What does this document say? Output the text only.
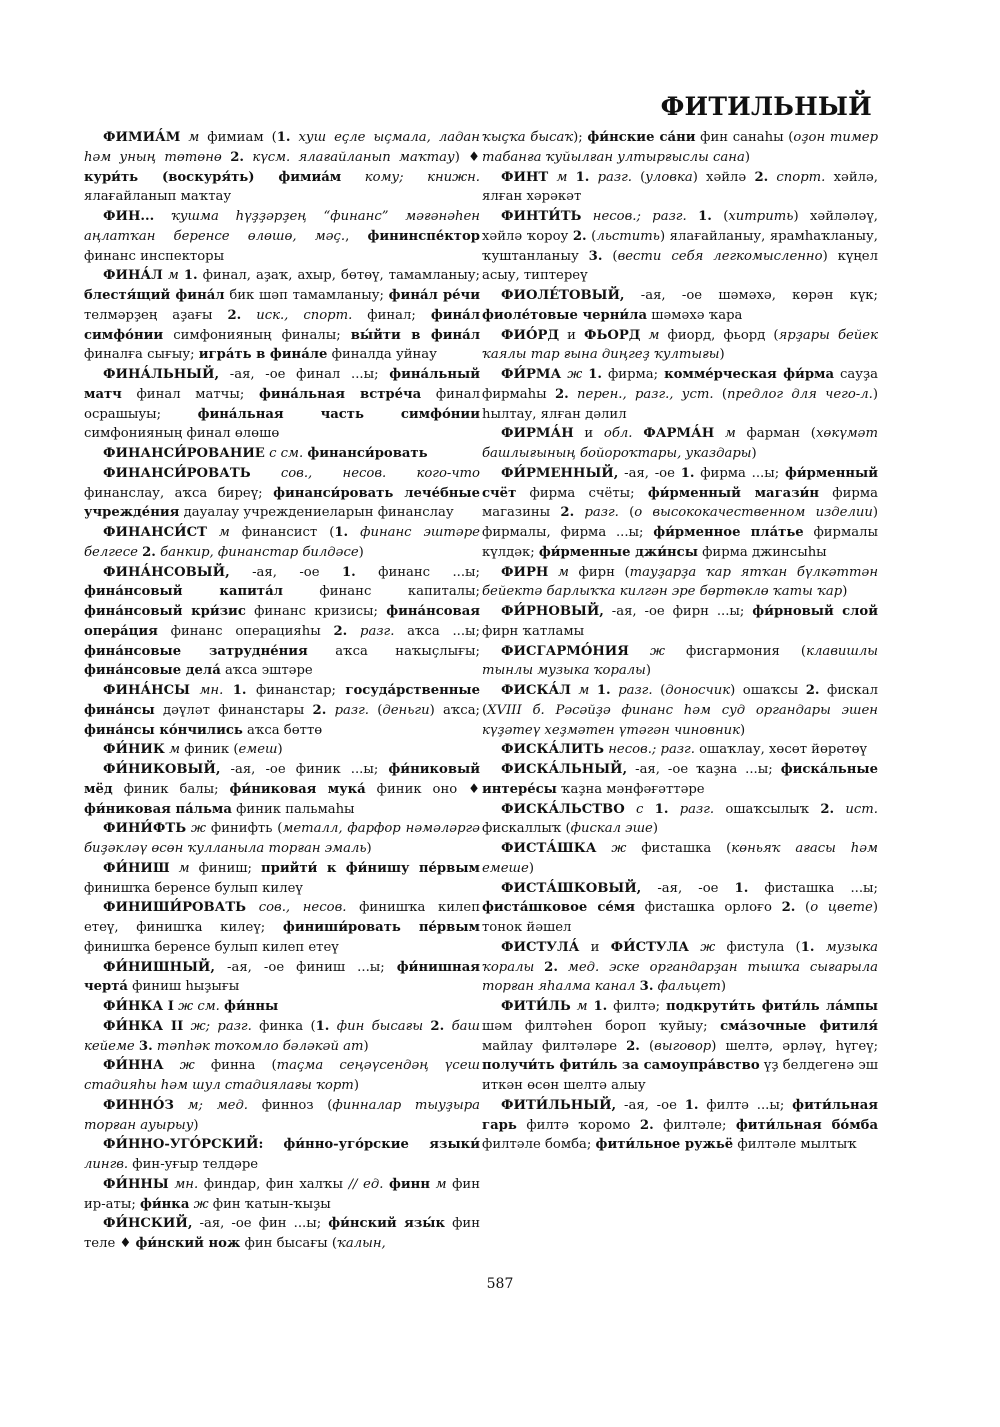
ФИТИЛЬНЫЙ

ФИМИА́М м фимиам (1. хуш еҫле ыҫмала, ладан һәм уның төтөнө 2. күсм. ялағайланып маҡтау) ♦ кури́ть (воскуря́ть) фимиа́м кому; книжн. ялағайланып маҡтау

ФИН... ҡушма һүҙҙәрҙең “финанс” мәғәнәһен аңлатҡан беренсе өлөшө, мәҫ., фининспе́ктор финанс инспекторы

ФИНА́Л м 1. финал, аҙаҡ, ахыр, бөтөү, тамамланыу; блестя́щий фина́л бик шәп тамамланыу; фина́л ре́чи телмәрҙең аҙағы 2. иск., спорт. финал; фина́л симфо́нии симфонияның финалы; вы́йти в фина́л финалға сығыу; игра́ть в фина́ле финалда уйнау

ФИНА́ЛЬНЫЙ, -ая, -ое финал ...ы; фина́льный матч финал матчы; фина́льная встре́ча финал осрашыуы; фина́льная часть симфо́нии симфонияның финал өлөшө

ФИНАНСИ́РОВАНИЕ с см. финанси́ровать

ФИНАНСИ́РОВАТЬ сов., несов. кого-что финанслау, аҡса биреү; финанси́ровать лече́бные учрежде́ния дауалау учреждениеларын финанслау

ФИНАНСИ́СТ м финансист (1. финанс эштәре белгесе 2. банкир, финанстар билдәсе)

ФИНА́НСОВЫЙ, -ая, -ое 1. финанс ...ы; фина́нсовый капита́л финанс капиталы; фина́нсовый кри́зис финанс кризисы; фина́нсовая опера́ция финанс операцияһы 2. разг. аҡса ...ы; фина́нсовые затрудне́ния аҡса наҡыҫлығы; фина́нсовые дела́ аҡса эштәре

ФИНА́НСЫ мн. 1. финанстар; госуда́рственные фина́нсы дәүләт финанстары 2. разг. (деньги) аҡса; фина́нсы ко́нчились аҡса бөттө

ФИ́НИК м финик (емеш)

ФИ́НИКОВЫЙ, -ая, -ое финик ...ы; фи́никовый мёд финик балы; фи́никовая мука́ финик оно ♦ фи́никовая па́льма финик пальмаһы

ФИНИ́ФТЬ ж финифть (металл, фарфор нәмәләргә биҙәкләү өсөн ҡулланыла торған эмаль)

ФИ́НИШ м финиш; прийти́ к фи́нишу пе́рвым финишҡа беренсе булып килеү

ФИНИШИ́РОВАТЬ сов., несов. финишҡа килеп етеү, финишҡа килеү; финиши́ровать пе́рвым финишҡа беренсе булып килеп етеү

ФИ́НИШНЫЙ, -ая, -ое финиш ...ы; фи́нишная черта́ финиш һыҙығы

ФИ́НКА I ж см. фи́нны

ФИ́НКА II ж; разг. финка (1. фин бысағы 2. баш кейеме 3. тәпһәк тоҡомло бәләкәй ат)

ФИ́ННА ж финна (таҫма сеңәүсендәң үсеш стадияһы һәм шул стадиялағы ҡорт)

ФИННО́З м; мед. финноз (финналар тыуҙыра торған ауырыу)

ФИ́ННО-УГО́РСКИЙ: фи́нно-уго́рские языки́ лингв. фин-уғыр телдәре

ФИ́ННЫ мн. финдар, фин халҡы // ед. финн м фин ир-аты; фи́нка ж фин ҡатын-ҡыҙы

ФИ́НСКИЙ, -ая, -ое фин ...ы; фи́нский язы́к фин теле ♦ фи́нский нож фин бысағы (ҡалын,

ҡыҫҡа бысаҡ); фи́нские са́ни фин санаһы (оҙон тимер табанға ҡуйылған ултырғыслы сана)

ФИНТ м 1. разг. (уловка) хәйлә 2. спорт. хәйлә, ялған хәрәкәт

ФИНТИ́ТЬ несов.; разг. 1. (хитрить) хәйләләү, хәйлә ҡороу 2. (льстить) ялағайланыу, ярамһаҡланыу, ҡуштанланыу 3. (вести себя легкомысленно) күңел асыу, типтереү

ФИОЛЕ́ТОВЫЙ, -ая, -ое шәмәхә, көрән күк; фиоле́товые черни́ла шәмәхә ҡара

ФИО́РД и ФЬОРД м фиорд, фьорд (ярҙары бейек ҡаялы тар ғына диңгеҙ ҡултығы)

ФИ́РМА ж 1. фирма; комме́рческая фи́рма сауҙа фирмаһы 2. перен., разг., уст. (предлог для чего-л.) һылтау, ялған дәлил

ФИРМА́Н и обл. ФАРМА́Н м фарман (хөкүмәт башлығының бойороҡтары, указдары)

ФИ́РМЕННЫЙ, -ая, -ое 1. фирма ...ы; фи́рменный счёт фирма счёты; фи́рменный магази́н фирма магазины 2. разг. (о высококачественном изделии) фирмалы, фирма ...ы; фи́рменное пла́тье фирмалы күлдәк; фи́рменные джи́нсы фирма джинсыһы

ФИРН м фирн (тауҙарҙа ҡар ятҡан бүлкәттән бейектә барлыҡҡа килгән эре бөртөклө ҡаты ҡар)

ФИ́РНОВЫЙ, -ая, -ое фирн ...ы; фи́рновый слой фирн ҡатламы

ФИСГАРМО́НИЯ ж фисгармония (клавишлы тынлы музыка ҡоралы)

ФИСКА́Л м 1. разг. (доносчик) ошаҡсы 2. фискал (XVIII б. Рәсәйҙә финанс һәм суд органдары эшен күҙәтеү хеҙмәтен үтәгән чиновник)

ФИСКА́ЛИТЬ несов.; разг. ошаҡлау, хөсөт йөрөтөү

ФИСКА́ЛЬНЫЙ, -ая, -ое ҡаҙна ...ы; фиска́льные интере́сы ҡаҙна мәнфәғәттәре

ФИСКА́ЛЬСТВО с 1. разг. ошаҡсылыҡ 2. ист. фискаллыҡ (фискал эше)

ФИСТА́ШКА ж фисташка (көньяҡ ағасы һәм емеше)

ФИСТА́ШКОВЫЙ, -ая, -ое 1. фисташка ...ы; фиста́шковое се́мя фисташка орлоғо 2. (о цвете) тонок йәшел

ФИСТУЛА́ и ФИ́СТУЛА ж фистула (1. музыка ҡоралы 2. мед. эске органдарҙан тышҡа сығарыла торған яһалма канал 3. фальцет)

ФИТИ́ЛЬ м 1. филтә; подкрути́ть фити́ль ла́мпы шәм филтәһен бороп ҡуйыу; сма́зочные фитиля́ майлау филтәләре 2. (выговор) шелтә, әрләү, һүгеү; получи́ть фити́ль за самоупра́вство үҙ белдегенә эш иткән өсөн шелтә алыу

ФИТИ́ЛЬНЫЙ, -ая, -ое 1. филтә ...ы; фити́льная гарь филтә ҡоромо 2. филтәле; фити́льная бо́мба филтәле бомба; фити́льное ружьё филтәле мылтыҡ

587
